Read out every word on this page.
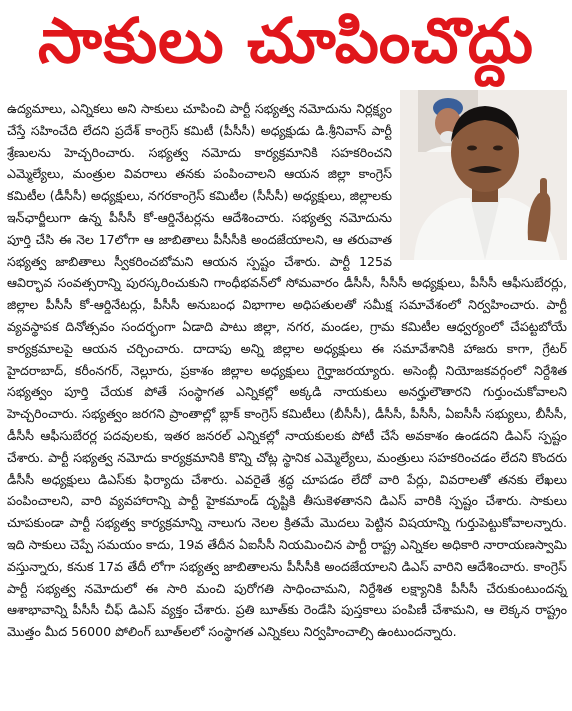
సాకులు చూపించొద్దు

ఉద్యమాలు, ఎన్నికలు అని సాకులు చూపించి పార్టీ సభ్యత్వ నమోదును నిర్లక్ష్యం చేస్తే సహించేది లేదని ప్రదేశ్ కాంగ్రెస్ కమిటీ (పీసీసీ) అధ్యక్షుడు డి.శ్రీనివాస్ పార్టీ శ్రేణులను హెచ్చరించారు. సభ్యత్వ నమోదు కార్యక్రమానికి సహకరించని ఎమ్మెల్యేలు, మంత్రుల వివరాలు తనకు పంపించాలని ఆయన జిల్లా కాంగ్రెస్ కమిటీల (డీసీసీ) అధ్యక్షులు, నగరకాంగ్రెస్ కమిటీల (సీసీసీ) అధ్యక్షులు, జిల్లాలకు ఇన్‌ఛార్జీలుగా ఉన్న పీసీసీ కో-ఆర్డినేటర్లను ఆదేశించారు. సభ్యత్వ నమోదును పూర్తి చేసి ఈ నెల 17లోగా ఆ జాబితాలు పీసీసీకి అందజేయాలని, ఆ తరువాత సభ్యత్వ జాబితాలు స్వీకరించబోమని ఆయన స్పష్టం చేశారు. పార్టీ 125వ ఆవిర్భావ సంవత్సరాన్ని పురస్కరించుకుని గాంధీభవన్‌లో సోమవారం డీసీసీ, సీసీసీ అధ్యక్షులు, పీసీసీ ఆఫీసుబేరర్లు, జిల్లాల పీసీసీ కో-ఆర్డినేటర్లు, పీసీసీ అనుబంధ విభాగాల అధిపతులతో సమీక్ష సమావేశంలో నిర్వహించారు. పార్టీ వ్యవస్థాపక దినోత్సవం సందర్భంగా ఏడాది పాటు జిల్లా, నగర, మండల, గ్రామ కమిటీల ఆధ్వర్యంలో చేపట్టబోయే కార్యక్రమాలపై ఆయన చర్చించారు. దాదాపు అన్ని జిల్లాల అధ్యక్షులు ఈ సమావేశానికి హాజరు కాగా, గ్రేటర్ హైదరాబాద్, కరీంనగర్, నెల్లూరు, ప్రకాశం జిల్లాల అధ్యక్షులు గైర్హాజరయ్యారు. అసెంబ్లీ నియోజకవర్గంలో నిర్దేశిత సభ్యత్వం పూర్తి చేయక పోతే సంస్థాగత ఎన్నికల్లో అక్కడి నాయకులు అనర్హులౌతారని గుర్తుంచుకోవాలని హెచ్చరించారు. సభ్యత్వం జరగని ప్రాంతాల్లో బ్లాక్ కాంగ్రెస్ కమిటీలు (బీసీసీ), డీసీసీ, పీసీసీ, ఏఐసీసీ సభ్యులు, బీసీసీ, డీసీసీ ఆఫీసుబేరర్ల పదవులకు, ఇతర జనరల్ ఎన్నికల్లో నాయకులకు పోటీ చేసే అవకాశం ఉండదని డిఎస్ స్పష్టం చేశారు. పార్టీ సభ్యత్వ నమోదు కార్యక్రమానికి కొన్ని చోట్ల స్థానిక ఎమ్మెల్యేలు, మంత్రులు సహకరించడం లేదని కొందరు డీసీసీ అధ్యక్షులు డిఎస్‌కు ఫిర్యాదు చేశారు. ఎవరైతే శ్రద్ధ చూపడం లేదో వారి పేర్లు, వివరాలతో తనకు లేఖలు పంపించాలని, వారి వ్యవహారాన్ని పార్టీ హైకమాండ్ దృష్టికి తీసుకెళతానని డిఎస్ వారికి స్పష్టం చేశారు. సాకులు చూపకుండా పార్టీ సభ్యత్వ కార్యక్రమాన్ని నాలుగు నెలల క్రితమే మొదలు పెట్టిన విషయాన్ని గుర్తుపెట్టుకోవాలన్నారు. ఇది సాకులు చెప్పే సమయం కాదు, 19వ తేదీన ఏఐసీసీ నియమించిన పార్టీ రాష్ట్ర ఎన్నికల అధికారి నారాయణస్వామి వస్తున్నారు, కనుక 17వ తేదీ లోగా సభ్యత్వ జాబితాలను పీసీసీకి అందజేయాలని డిఎస్ వారిని ఆదేశించారు. కాంగ్రెస్ పార్టీ సభ్యత్వ నమోదులో ఈ సారి మంచి పురోగతి సాధించామని, నిర్దేశిత లక్ష్యానికి పీసీసీ చేరుకుంటుందన్న ఆశాభావాన్ని పీసీసీ చీఫ్ డిఎస్ వ్యక్తం చేశారు. ప్రతి బూత్‌కు రెండేసి పుస్తకాలు పంపిణీ చేశామని, ఆ లెక్కన రాష్ట్రం మొత్తం మీద 56000 పోలింగ్ బూత్‌లలో సంస్థాగత ఎన్నికలు నిర్వహించాల్సి ఉంటుందన్నారు.
